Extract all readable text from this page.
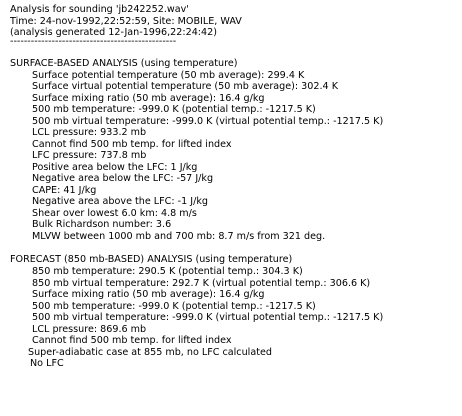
Analysis for sounding 'jb242252.wav'
Time: 24-nov-1992,22:52:59, Site: MOBILE, WAV
(analysis generated 12-Jan-1996,22:24:42)
------------------------------------------------
SURFACE-BASED ANALYSIS (using temperature)
Surface potential temperature (50 mb average): 299.4 K
Surface virtual potential temperature (50 mb average): 302.4 K
Surface mixing ratio (50 mb average): 16.4 g/kg
500 mb temperature: -999.0 K (potential temp.: -1217.5 K)
500 mb virtual temperature: -999.0 K (virtual potential temp.: -1217.5 K)
LCL pressure: 933.2 mb
Cannot find 500 mb temp. for lifted index
LFC pressure: 737.8 mb
Positive area below the LFC: 1 J/kg
Negative area below the LFC: -57 J/kg
CAPE: 41 J/kg
Negative area above the LFC: -1 J/kg
Shear over lowest 6.0 km: 4.8 m/s
Bulk Richardson number: 3.6
MLVW between 1000 mb and 700 mb: 8.7 m/s from 321 deg.
FORECAST (850 mb-BASED) ANALYSIS (using temperature)
850 mb temperature: 290.5 K (potential temp.: 304.3 K)
850 mb virtual temperature: 292.7 K (virtual potential temp.: 306.6 K)
Surface mixing ratio (50 mb average): 16.4 g/kg
500 mb temperature: -999.0 K (potential temp.: -1217.5 K)
500 mb virtual temperature: -999.0 K (virtual potential temp.: -1217.5 K)
LCL pressure: 869.6 mb
Cannot find 500 mb temp. for lifted index
Super-adiabatic case at 855 mb, no LFC calculated
No LFC
